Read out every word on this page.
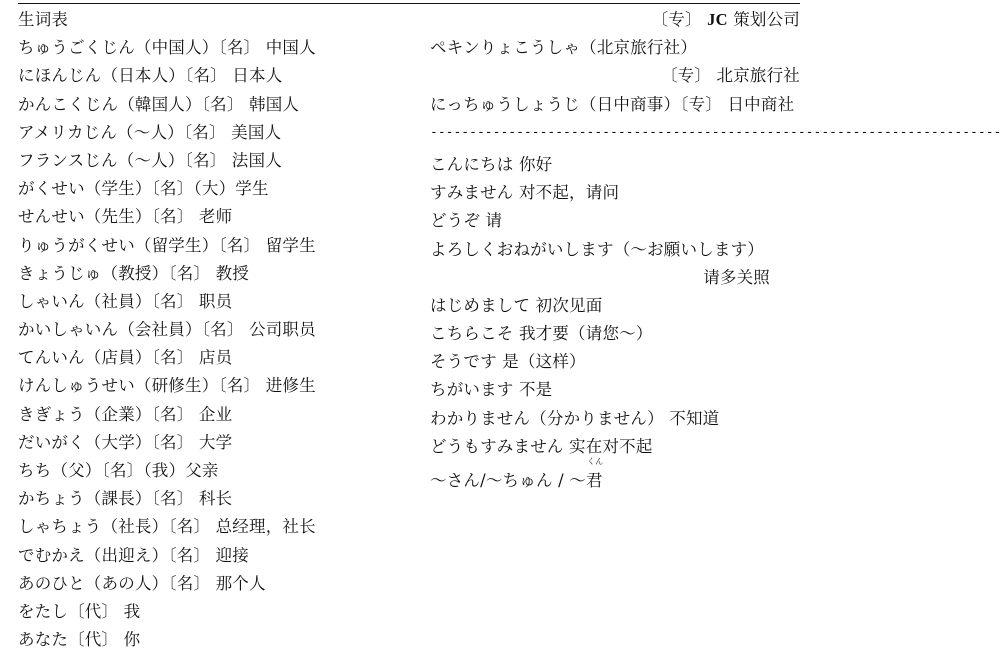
生词表
ちゅうごくじん（中国人）〔名〕 中国人
にほんじん（日本人）〔名〕 日本人
かんこくじん（韓国人）〔名〕 韩国人
アメリカじん（～人）〔名〕 美国人
フランスじん（～人）〔名〕 法国人
がくせい（学生）〔名〕（大）学生
せんせい（先生）〔名〕 老师
りゅうがくせい（留学生）〔名〕 留学生
きょうじゅ（教授）〔名〕 教授
しゃいん（社員）〔名〕 职员
かいしゃいん（会社員）〔名〕 公司职员
てんいん（店員）〔名〕 店员
けんしゅうせい（研修生）〔名〕 进修生
きぎょう（企業）〔名〕 企业
だいがく（大学）〔名〕 大学
ちち（父）〔名〕（我）父亲
かちょう（課長）〔名〕 科长
しゃちょう（社長）〔名〕 总经理，社长
でむかえ（出迎え）〔名〕 迎接
あのひと（あの人）〔名〕 那个人
をたし〔代〕 我
あなた〔代〕 你
〔专〕 JC 策划公司
ペキンりょこうしゃ（北京旅行社）
〔专〕 北京旅行社
にっちゅうしょうじ（日中商事）〔专〕 日中商社
-------------------------------------------------------------------------
こんにちは 你好
すみません 对不起，请问
どうぞ 请
よろしくおねがいします（～お願いします）
请多关照
はじめまして 初次见面
こちらこそ 我才要（请您～）
そうです 是（这样）
ちがいます 不是
わかりません（分かりません） 不知道
どうもすみません 实在对不起
～さん/～ちゅん / ～
くん
君
